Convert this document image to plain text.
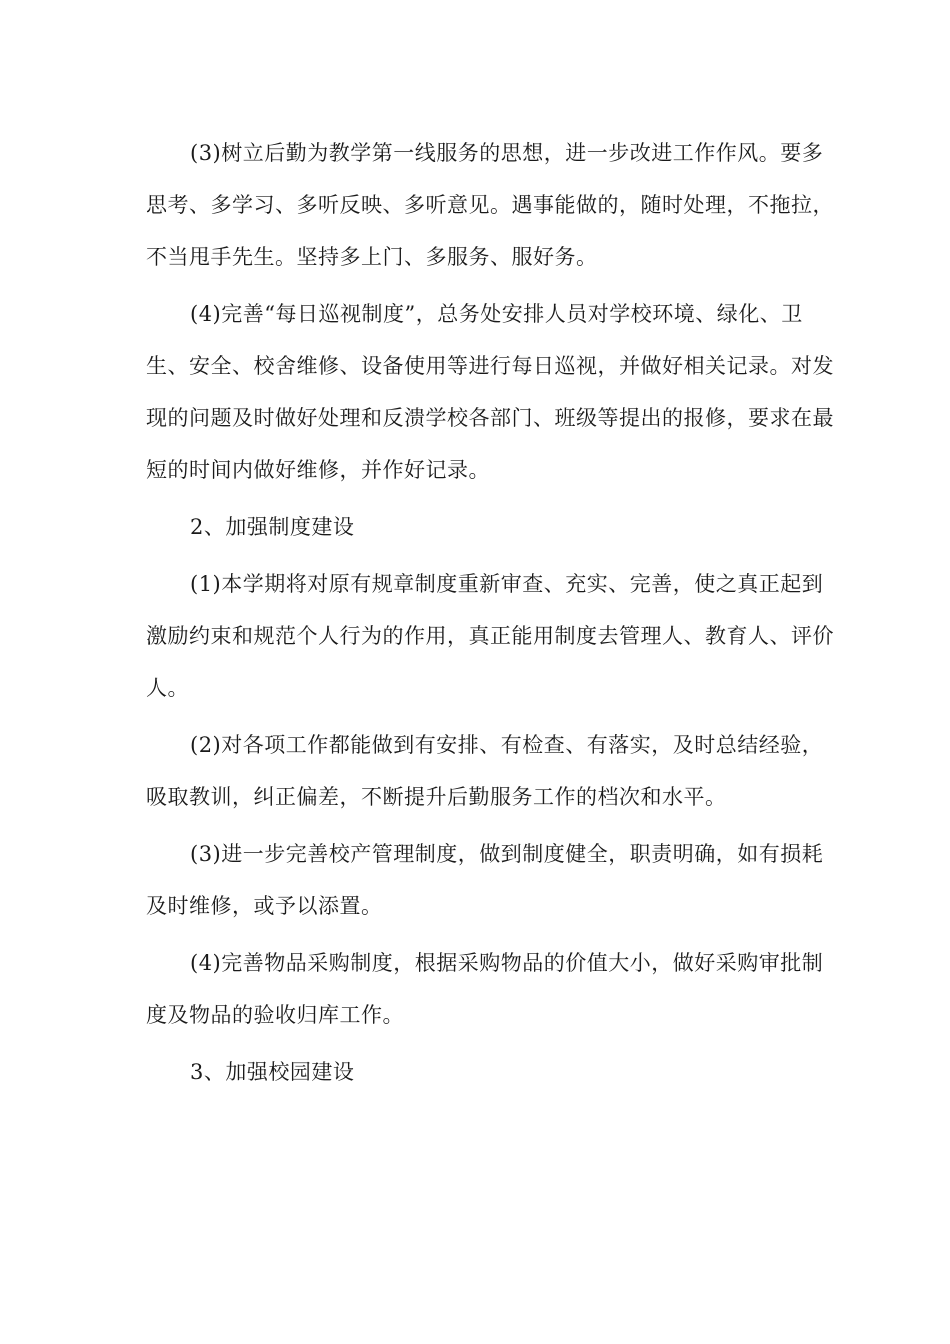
(3)树立后勤为教学第一线服务的思想，进一步改进工作作风。要多思考、多学习、多听反映、多听意见。遇事能做的，随时处理，不拖拉，不当甩手先生。坚持多上门、多服务、服好务。

(4)完善“每日巡视制度”，总务处安排人员对学校环境、绿化、卫生、安全、校舍维修、设备使用等进行每日巡视，并做好相关记录。对发现的问题及时做好处理和反溃学校各部门、班级等提出的报修，要求在最短的时间内做好维修，并作好记录。

2、加强制度建设

(1)本学期将对原有规章制度重新审查、充实、完善，使之真正起到激励约束和规范个人行为的作用，真正能用制度去管理人、教育人、评价人。

(2)对各项工作都能做到有安排、有检查、有落实，及时总结经验，吸取教训，纠正偏差，不断提升后勤服务工作的档次和水平。

(3)进一步完善校产管理制度，做到制度健全，职责明确，如有损耗及时维修，或予以添置。

(4)完善物品采购制度，根据采购物品的价值大小，做好采购审批制度及物品的验收归库工作。

3、加强校园建设
